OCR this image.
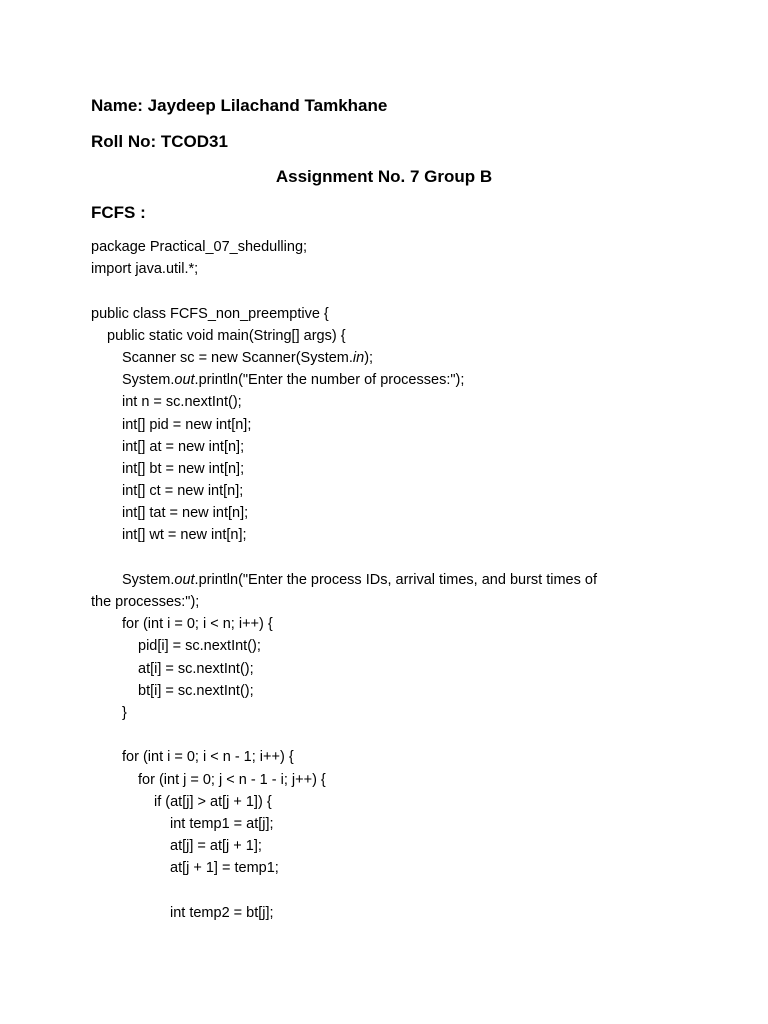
Name: Jaydeep Lilachand Tamkhane
Roll No: TCOD31
Assignment No. 7 Group B
FCFS :
package Practical_07_shedulling;
import java.util.*;
public class FCFS_non_preemptive {
public static void main(String[] args) {
Scanner sc = new Scanner(System.in);
System.out.println("Enter the number of processes:");
int n = sc.nextInt();
int[] pid = new int[n];
int[] at = new int[n];
int[] bt = new int[n];
int[] ct = new int[n];
int[] tat = new int[n];
int[] wt = new int[n];
System.out.println("Enter the process IDs, arrival times, and burst times of
the processes:");
for (int i = 0; i < n; i++) {
pid[i] = sc.nextInt();
at[i] = sc.nextInt();
bt[i] = sc.nextInt();
}
for (int i = 0; i < n - 1; i++) {
for (int j = 0; j < n - 1 - i; j++) {
if (at[j] > at[j + 1]) {
int temp1 = at[j];
at[j] = at[j + 1];
at[j + 1] = temp1;
int temp2 = bt[j];
